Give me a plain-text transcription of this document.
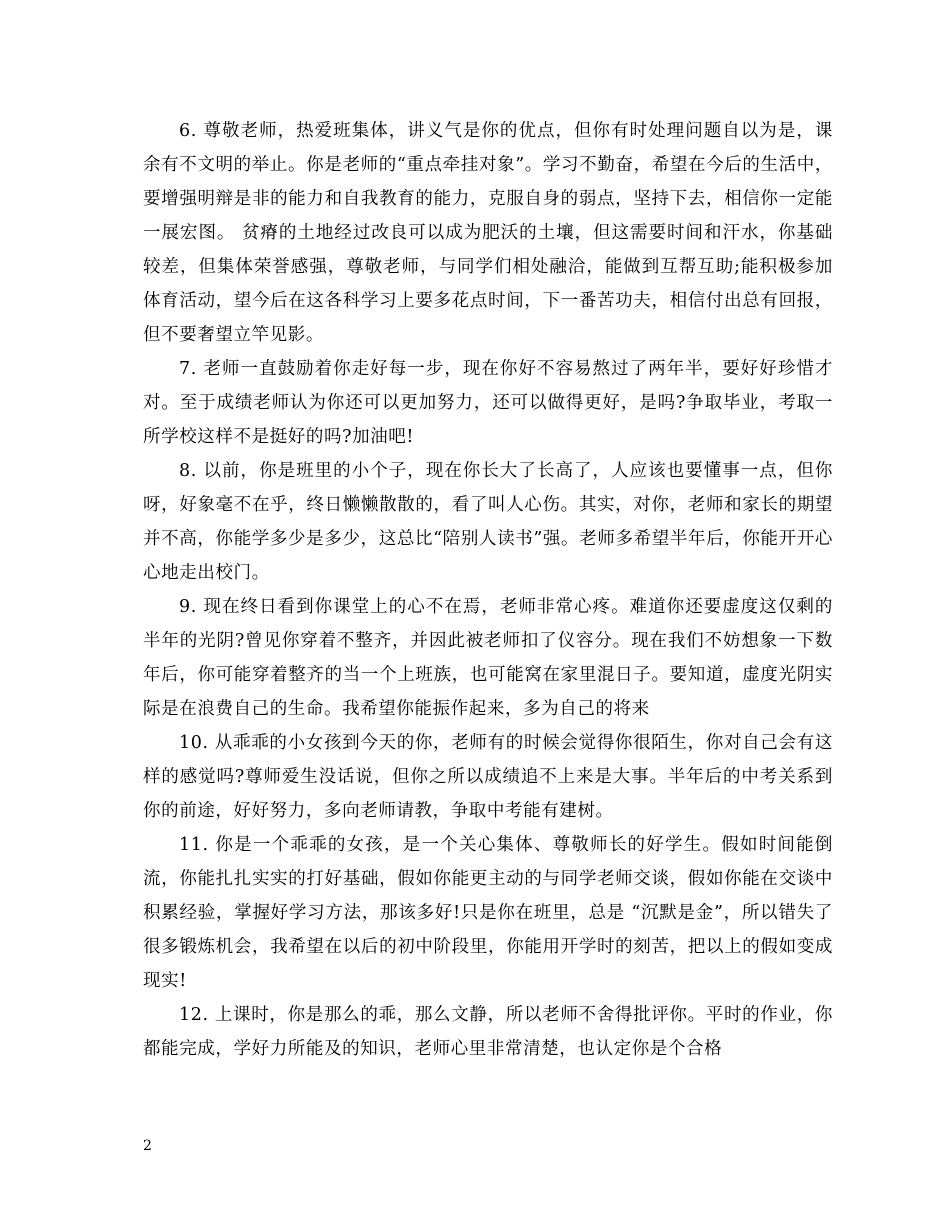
6. 尊敬老师，热爱班集体，讲义气是你的优点，但你有时处理问题自以为是，课余有不文明的举止。你是老师的“重点牵挂对象”。学习不勤奋，希望在今后的生活中，要增强明辩是非的能力和自我教育的能力，克服自身的弱点，坚持下去，相信你一定能一展宏图。 贫瘠的土地经过改良可以成为肥沃的土壤，但这需要时间和汗水，你基础较差，但集体荣誉感强，尊敬老师，与同学们相处融洽，能做到互帮互助;能积极参加体育活动，望今后在这各科学习上要多花点时间，下一番苦功夫，相信付出总有回报，但不要奢望立竿见影。

7. 老师一直鼓励着你走好每一步，现在你好不容易熬过了两年半，要好好珍惜才对。至于成绩老师认为你还可以更加努力，还可以做得更好，是吗?争取毕业，考取一所学校这样不是挺好的吗?加油吧!

8. 以前，你是班里的小个子，现在你长大了长高了，人应该也要懂事一点，但你呀，好象毫不在乎，终日懒懒散散的，看了叫人心伤。其实，对你，老师和家长的期望并不高，你能学多少是多少，这总比“陪别人读书”强。老师多希望半年后，你能开开心心地走出校门。

9. 现在终日看到你课堂上的心不在焉，老师非常心疼。难道你还要虚度这仅剩的半年的光阴?曾见你穿着不整齐，并因此被老师扣了仪容分。现在我们不妨想象一下数年后，你可能穿着整齐的当一个上班族，也可能窝在家里混日子。要知道，虚度光阴实际是在浪费自己的生命。我希望你能振作起来，多为自己的将来

10. 从乖乖的小女孩到今天的你，老师有的时候会觉得你很陌生，你对自己会有这样的感觉吗?尊师爱生没话说，但你之所以成绩追不上来是大事。半年后的中考关系到你的前途，好好努力，多向老师请教，争取中考能有建树。

11. 你是一个乖乖的女孩，是一个关心集体、尊敬师长的好学生。假如时间能倒流，你能扎扎实实的打好基础，假如你能更主动的与同学老师交谈，假如你能在交谈中积累经验，掌握好学习方法，那该多好!只是你在班里，总是 “沉默是金”，所以错失了很多锻炼机会，我希望在以后的初中阶段里，你能用开学时的刻苦，把以上的假如变成现实!

12. 上课时，你是那么的乖，那么文静，所以老师不舍得批评你。平时的作业，你都能完成，学好力所能及的知识，老师心里非常清楚，也认定你是个合格

2
